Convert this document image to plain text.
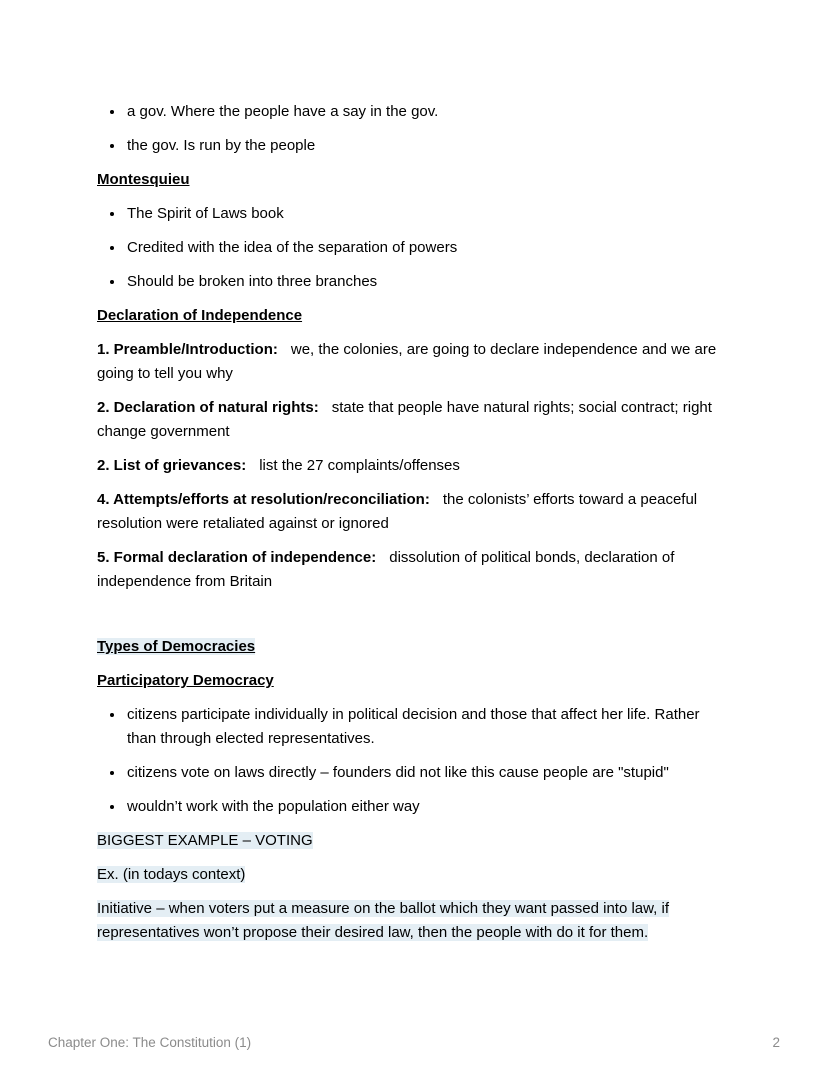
• a gov. Where the people have a say in the gov.
• the gov. Is run by the people
Montesquieu
• The Spirit of Laws book
• Credited with the idea of the separation of powers
• Should be broken into three branches
Declaration of Independence

1. Preamble/Introduction: we, the colonies, are going to declare independence and we are going to tell you why

2. Declaration of natural rights: state that people have natural rights; social contract; right change government

2. List of grievances: list the 27 complaints/offenses

4. Attempts/efforts at resolution/reconciliation: the colonists’ efforts toward a peaceful resolution were retaliated against or ignored

5. Formal declaration of independence: dissolution of political bonds, declaration of independence from Britain

Types of Democracies
Participatory Democracy
• citizens participate individually in political decision and those that affect her life. Rather than through elected representatives.
• citizens vote on laws directly – founders did not like this cause people are "stupid"
• wouldn’t work with the population either way

BIGGEST EXAMPLE – VOTING

Ex. (in todays context)

Initiative – when voters put a measure on the ballot which they want passed into law, if representatives won’t propose their desired law, then the people with do it for them.

Chapter One: The Constitution (1)	2
